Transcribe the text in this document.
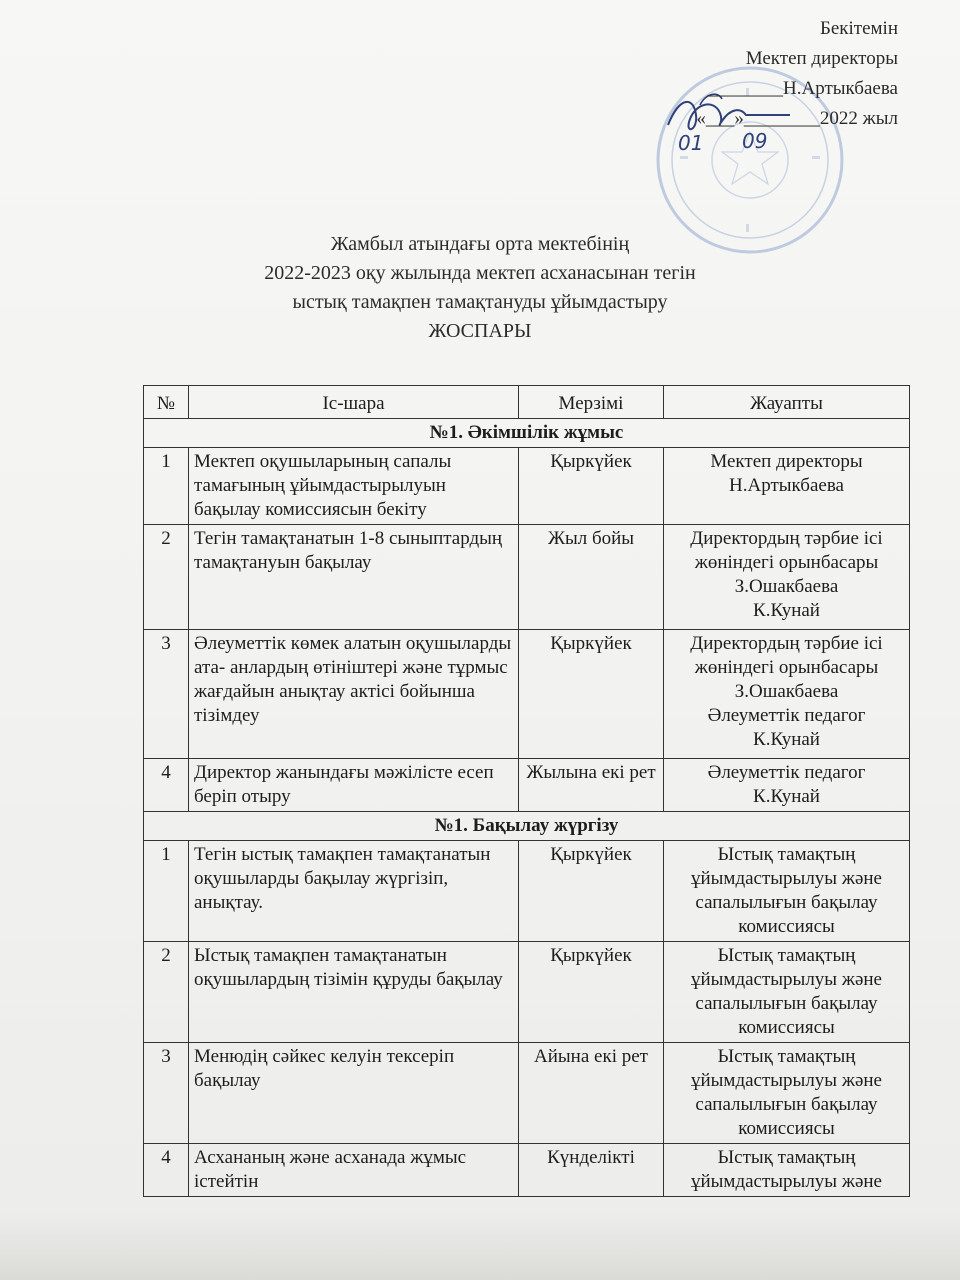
01 09
Бекітемін
Мектеп директоры
________Н.Артыкбаева
«___»________2022 жыл
Жамбыл атындағы орта мектебінің
2022-2023 оқу жылында мектеп асханасынан тегін
ыстық тамақпен тамақтануды ұйымдастыру
ЖОСПАРЫ
№	Іс-шара	Мерзімі	Жауапты
№1. Әкімшілік жұмыс			
1	Мектеп оқушыларының сапалы тамағының ұйымдастырылуын бақылау комиссиясын бекіту	Қыркүйек	Мектеп директоры
Н.Артыкбаева

2	Тегін тамақтанатын 1-8 сыныптардың тамақтануын бақылау	Жыл бойы	Директордың тәрбие ісі жөніндегі орынбасары
З.Ошакбаева
К.Кунай

3	Әлеуметтік көмек алатын оқушыларды ата- анлардың өтініштері және тұрмыс жағдайын анықтау актісі бойынша тізімдеу	Қыркүйек	Директордың тәрбие ісі жөніндегі орынбасары
З.Ошакбаева
Әлеуметтік педагог
К.Кунай

4	Директор жанындағы мәжілісте есеп беріп отыру	Жылына екі рет	Әлеуметтік педагог
К.Кунай

№1. Бақылау жүргізу			
1	Тегін ыстық тамақпен тамақтанатын оқушыларды бақылау жүргізіп, анықтау.	Қыркүйек	Ыстық тамақтың ұйымдастырылуы және сапалылығын бақылау комиссиясы
2	Ыстық тамақпен тамақтанатын оқушылардың тізімін құруды бақылау	Қыркүйек	Ыстық тамақтың ұйымдастырылуы және сапалылығын бақылау комиссиясы
3	Менюдің сәйкес келуін тексеріп бақылау	Айына екі рет	Ыстық тамақтың ұйымдастырылуы және сапалылығын бақылау комиссиясы
4	Асхананың және асханада жұмыс істейтін	Күнделікті	Ыстық тамақтың ұйымдастырылуы және
